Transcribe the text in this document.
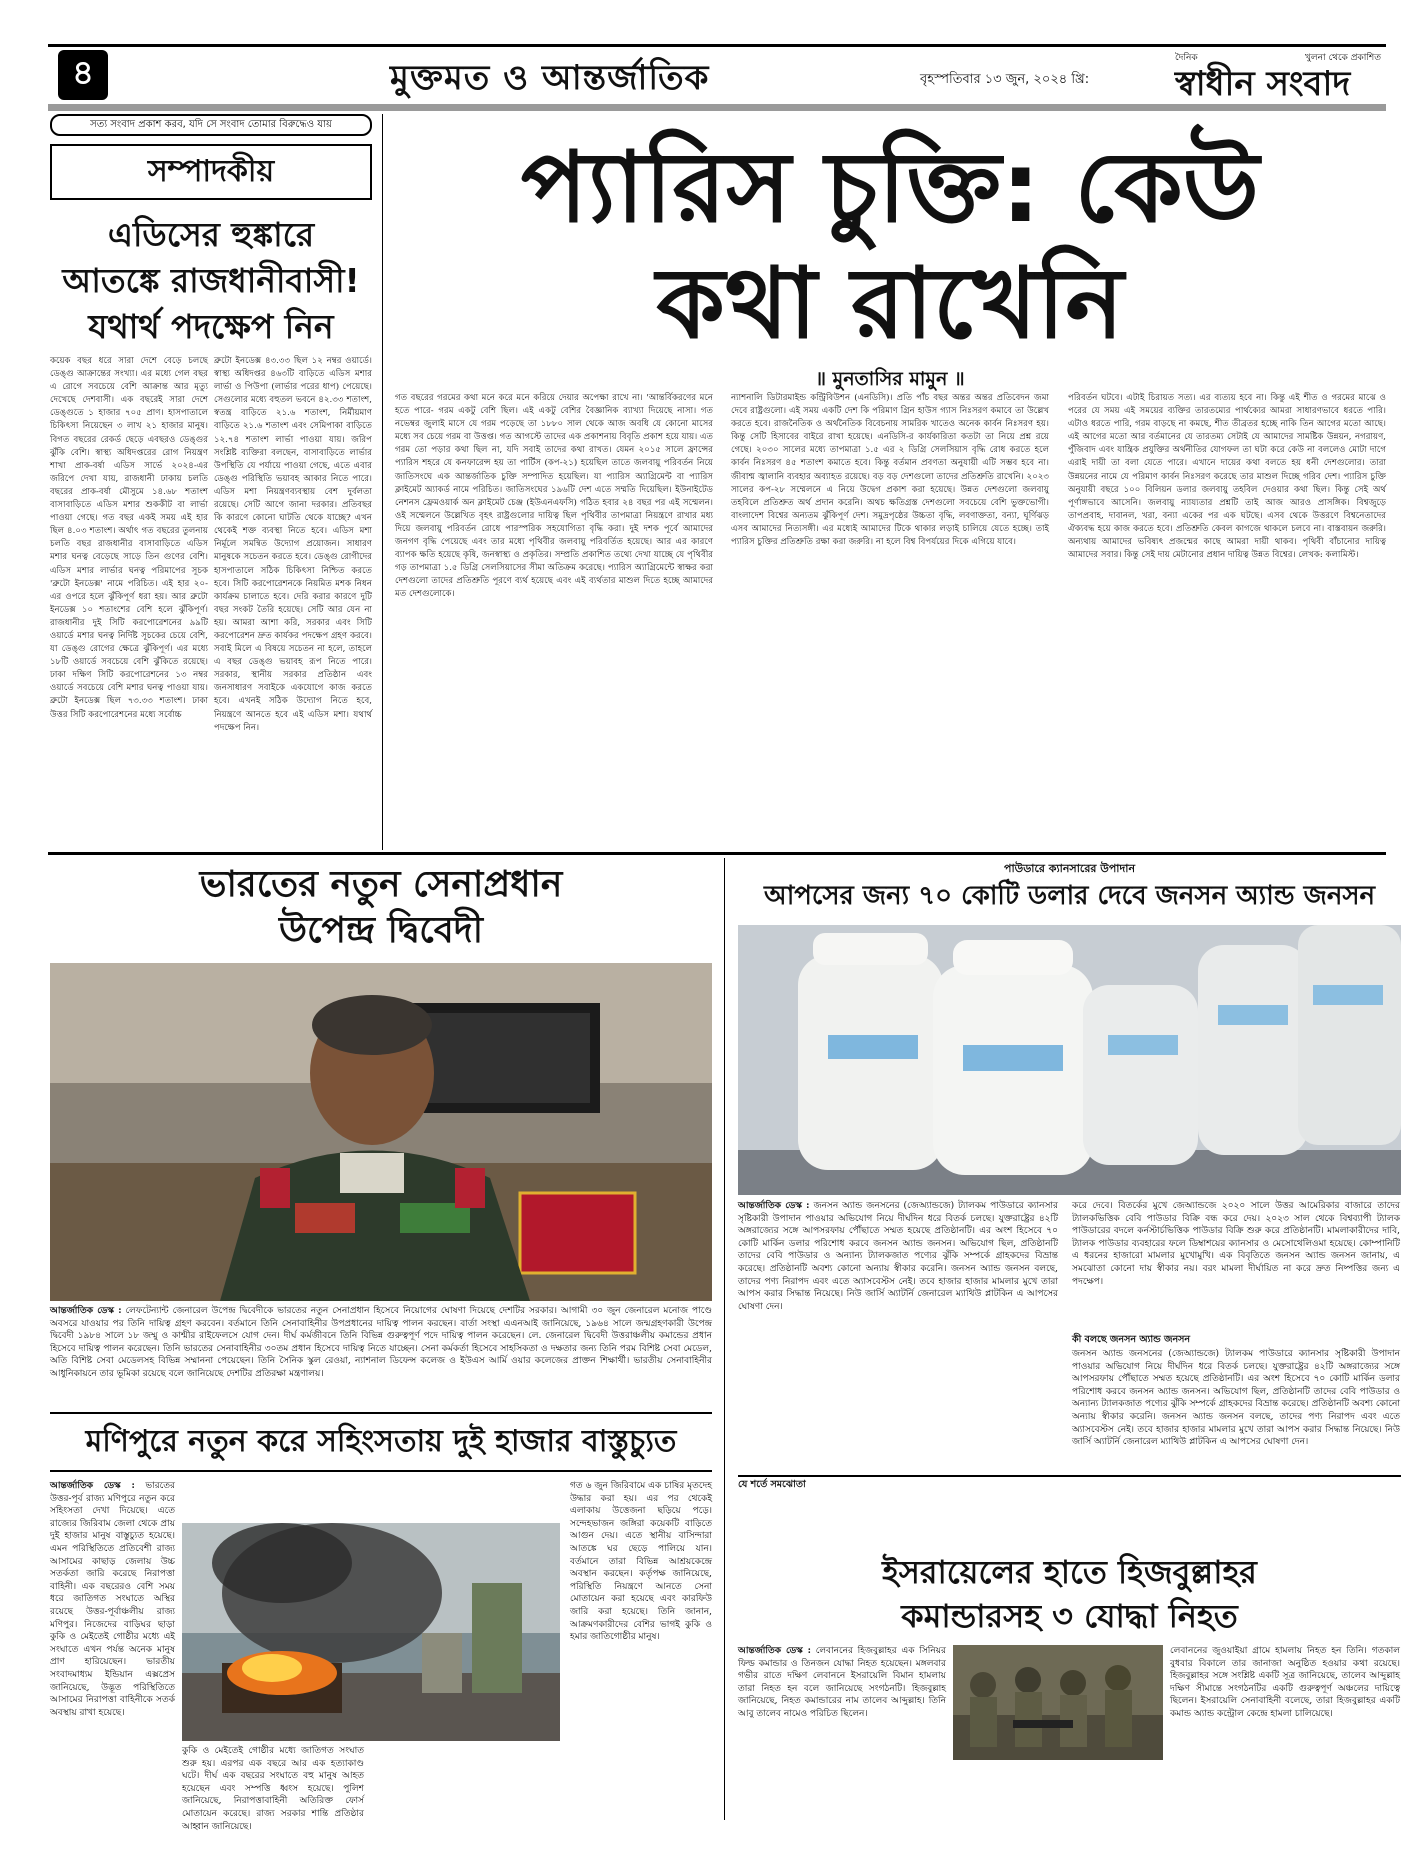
৪	মুক্তমত ও আন্তর্জাতিক	বৃহস্পতিবার ১৩ জুন, ২০২৪ খ্রি:
দৈনিক	খুলনা থেকে প্রকাশিত
স্বাধীন সংবাদ
সত্য সংবাদ প্রকাশ করব, যদি সে সংবাদ তোমার বিরুদ্ধেও যায়
সম্পাদকীয়
এডিসের হুঙ্কারে
আতঙ্কে রাজধানীবাসী!
যথার্থ পদক্ষেপ নিন
কয়েক বছর ধরে সারা দেশে বেড়ে চলছে ডেঙ্গু আক্রান্তের সংখ্যা। এর মধ্যে গেল বছর এ রোগে সবচেয়ে বেশি আক্রান্ত আর মৃত্যু দেখেছে দেশবাসী। এক বছরেই সারা দেশে ডেঙ্গুতে ১ হাজার ৭০৫ প্রাণ। হাসপাতালে চিকিৎসা নিয়েছেন ৩ লাখ ২১ হাজার মানুষ। বিগত বছরের রেকর্ড ছেড়ে এবছরও ডেঙ্গুর ঝুঁকি বেশি। স্বাস্থ্য অধিদপ্তরের রোগ নিয়ন্ত্রণ শাখা প্রাক-বর্ষা এডিস সার্ভে ২০২৪-এর জরিপে দেখা যায়, রাজধানী ঢাকায় চলতি বছরের প্রাক-বর্ষা মৌসুমে ১৪.৬৮ শতাংশ বাসাবাড়িতে এডিস মশার শুককীট বা লার্ভা পাওয়া গেছে। গত বছর একই সময় এই হার ছিল ৪.০৩ শতাংশ। অর্থাৎ গত বছরের তুলনায় চলতি বছর রাজধানীর বাসাবাড়িতে এডিস মশার ঘনত্ব বেড়েছে সাড়ে তিন গুণের বেশি। এডিস মশার লার্ভার ঘনত্ব পরিমাপের সূচক 'ব্রুটো ইনডেক্স' নামে পরিচিত। এই হার ২০-এর ওপরে হলে ঝুঁকিপূর্ণ ধরা হয়। আর ব্রুটো ইনডেক্স ১০ শতাংশের বেশি হলে ঝুঁকিপূর্ণ। রাজধানীর দুই সিটি করপোরেশনের ৯৯টি ওয়ার্ডে মশার ঘনত্ব নির্দিষ্ট সূচকের চেয়ে বেশি, যা ডেঙ্গু রোগের ক্ষেত্রে ঝুঁকিপূর্ণ। এর মধ্যে ১৮টি ওয়ার্ডে সবচেয়ে বেশি ঝুঁকিতে রয়েছে। ঢাকা দক্ষিণ সিটি করপোরেশনের ১৩ নম্বর ওয়ার্ডে সবচেয়ে বেশি মশার ঘনত্ব পাওয়া যায়। ব্রুটো ইনডেক্স ছিল ৭৩.৩৩ শতাংশ। ঢাকা উত্তর সিটি করপোরেশনের মধ্যে সর্বোচ্চ
ব্রুটো ইনডেক্স ৪৩.৩৩ ছিল ১২ নম্বর ওয়ার্ডে। স্বাস্থ্য অধিদপ্তর ৪৬৩টি বাড়িতে এডিস মশার লার্ভা ও পিউপা (লার্ভার পরের ধাপ) পেয়েছে। সেগুলোর মধ্যে বহুতল ভবনে ৪২.৩৩ শতাংশ, স্বতন্ত্র বাড়িতে ২১.৬ শতাংশ, নির্মীয়মাণ বাড়িতে ২১.৬ শতাংশ এবং সেমিপাকা বাড়িতে ১২.৭৪ শতাংশ লার্ভা পাওয়া যায়। জরিপ সংশ্লিষ্ট ব্যক্তিরা বলছেন, বাসাবাড়িতে লার্ভার উপস্থিতি যে পর্যায়ে পাওয়া গেছে, এতে এবার ডেঙ্গু পরিস্থিতি ভয়াবহ আকার নিতে পারে। এডিস মশা নিয়ন্ত্রণব্যবস্থায় বেশ দুর্বলতা রয়েছে। সেটি আগে জানা দরকার। প্রতিবছর কি কারণে কোনো ঘাটতি থেকে যাচ্ছে? এখন থেকেই শক্ত ব্যবস্থা নিতে হবে। এডিস মশা নির্মূলে সমন্বিত উদ্যোগ প্রয়োজন। সাধারণ মানুষকে সচেতন করতে হবে। ডেঙ্গু রোগীদের হাসপাতালে সঠিক চিকিৎসা নিশ্চিত করতে হবে। সিটি করপোরেশনকে নিয়মিত মশক নিধন কার্যক্রম চালাতে হবে। দেরি করার কারণে দুটি বছর সংকট তৈরি হয়েছে। সেটি আর যেন না হয়। আমরা আশা করি, সরকার এবং সিটি করপোরেশন দ্রুত কার্যকর পদক্ষেপ গ্রহণ করবে। সবাই মিলে এ বিষয়ে সচেতন না হলে, তাহলে এ বছর ডেঙ্গু ভয়াবহ রূপ নিতে পারে। সরকার, স্থানীয় সরকার প্রতিষ্ঠান এবং জনসাধারণ সবাইকে একযোগে কাজ করতে হবে। এখনই সঠিক উদ্যোগ নিতে হবে, নিয়ন্ত্রণে আনতে হবে এই এডিস মশা। যথার্থ পদক্ষেপ নিন।
প্যারিস চুক্তি: কেউ
কথা রাখেনি
॥ মুনতাসির মামুন ॥
গত বছরের গরমের কথা মনে করে মনে করিয়ে দেয়ার অপেক্ষা রাখে না। 'আন্তর্বিকরণের মনে হতে পারে- গরম একটু বেশি ছিল। এই একটু বেশির বৈজ্ঞানিক ব্যাখ্যা দিয়েছে নাসা। গত নভেম্বর জুলাই মাসে যে গরম পড়েছে তা ১৮৮০ সাল থেকে আজ অবধি যে কোনো মাসের মধ্যে সব চেয়ে গরম বা উত্তপ্ত। গত আগস্টে তাদের এক প্রকাশনায় বিবৃতি প্রকাশ হয়ে যায়। এত গরম তো পড়ার কথা ছিল না, যদি সবাই তাদের কথা রাখত। যেমন ২০১৫ সালে ফ্রান্সের প্যারিস শহরে যে কনফারেন্স হয় তা পার্টিস (কপ-২১) হয়েছিল তাতে জলবায়ু পরিবর্তন নিয়ে জাতিসংঘে এক আন্তর্জাতিক চুক্তি সম্পাদিত হয়েছিল। যা প্যারিস অ্যাগ্রিমেন্ট বা প্যারিস ক্লাইমেট অ্যাকর্ড নামে পরিচিত। জাতিসংঘের ১৯৬টি দেশ এতে সম্মতি দিয়েছিল। ইউনাইটেড নেশনস ফ্রেমওয়ার্ক অন ক্লাইমেট চেঞ্জ (ইউএনএফসি) গঠিত হবার ২৪ বছর পর এই সম্মেলন। ওই সম্মেলনে উল্লেখিত বৃহৎ রাষ্ট্রগুলোর দায়িত্ব ছিল পৃথিবীর তাপমাত্রা নিয়ন্ত্রণে রাখার মধ্য দিয়ে জলবায়ু পরিবর্তন রোধে পারস্পরিক সহযোগিতা বৃদ্ধি করা। দুই দশক পূর্বে আমাদের জনগণ বৃদ্ধি পেয়েছে এবং তার মধ্যে পৃথিবীর জলবায়ু পরিবর্তিত হয়েছে। আর এর কারণে ব্যাপক ক্ষতি হয়েছে কৃষি, জনস্বাস্থ্য ও প্রকৃতির। সম্প্রতি প্রকাশিত তথ্যে দেখা যাচ্ছে যে পৃথিবীর গড় তাপমাত্রা ১.৫ ডিগ্রি সেলসিয়াসের সীমা অতিক্রম করেছে। প্যারিস অ্যাগ্রিমেন্টে স্বাক্ষর করা দেশগুলো তাদের প্রতিশ্রুতি পূরণে ব্যর্থ হয়েছে এবং এই ব্যর্থতার মাশুল দিতে হচ্ছে আমাদের মত দেশগুলোকে।
ন্যাশনালি ডিটারমাইন্ড কন্ট্রিবিউশন (এনডিসি)। প্রতি পাঁচ বছর অন্তর অন্তর প্রতিবেদন জমা দেবে রাষ্ট্রগুলো। এই সময় একটি দেশ কি পরিমাণ গ্রিন হাউস গ্যাস নিঃসরণ কমাবে তা উল্লেখ করতে হবে। রাজনৈতিক ও অর্থনৈতিক বিবেচনায় সামরিক খাতেও অনেক কার্বন নিঃসরণ হয়। কিন্তু সেটি হিসাবের বাইরে রাখা হয়েছে। এনডিসি-র কার্যকারিতা কতটা তা নিয়ে প্রশ্ন রয়ে গেছে। ২০৩০ সালের মধ্যে তাপমাত্রা ১.৫ এর ২ ডিগ্রি সেলসিয়াস বৃদ্ধি রোধ করতে হলে কার্বন নিঃসরণ ৪৫ শতাংশ কমাতে হবে। কিন্তু বর্তমান প্রবণতা অনুযায়ী এটি সম্ভব হবে না। জীবাশ্ম জ্বালানি ব্যবহার অব্যাহত রয়েছে। বড় বড় দেশগুলো তাদের প্রতিশ্রুতি রাখেনি। ২০২৩ সালের কপ-২৮ সম্মেলনে এ নিয়ে উদ্বেগ প্রকাশ করা হয়েছে। উন্নত দেশগুলো জলবায়ু তহবিলে প্রতিশ্রুত অর্থ প্রদান করেনি। অথচ ক্ষতিগ্রস্ত দেশগুলো সবচেয়ে বেশি ভুক্তভোগী। বাংলাদেশ বিশ্বের অন্যতম ঝুঁকিপূর্ণ দেশ। সমুদ্রপৃষ্ঠের উচ্চতা বৃদ্ধি, লবণাক্ততা, বন্যা, ঘূর্ণিঝড় এসব আমাদের নিত্যসঙ্গী। এর মধ্যেই আমাদের টিকে থাকার লড়াই চালিয়ে যেতে হচ্ছে। তাই প্যারিস চুক্তির প্রতিশ্রুতি রক্ষা করা জরুরি। না হলে বিশ্ব বিপর্যয়ের দিকে এগিয়ে যাবে।
পরিবর্তন ঘটবে। এটাই চিরায়ত সত্য। এর ব্যত্যয় হবে না। কিন্তু এই শীত ও গরমের মাঝে ও পরের যে সময় এই সময়ের ব্যক্তির তারতম্যের পার্থক্যের আমরা সাধারণভাবে ধরতে পারি। এটাও ধরতে পারি, গরম বাড়ছে না কমছে, শীত তীব্রতর হচ্ছে নাকি তিন আগের মতো আছে। এই আগের মতো আর বর্তমানের যে তারতম্য সেটাই যে আমাদের সামষ্টিক উন্নয়ন, নগরায়ণ, পুঁজিবাদ এবং যান্ত্রিক প্রযুক্তির অর্থনীতির যোগফল তা ঘটা করে কেউ না বললেও মোটা দাগে এরাই দায়ী তা বলা যেতে পারে। এখানে দায়ের কথা বলতে হয় ধনী দেশগুলোর। তারা উন্নয়নের নামে যে পরিমাণ কার্বন নিঃসরণ করেছে তার মাশুল দিচ্ছে গরিব দেশ। প্যারিস চুক্তি অনুযায়ী বছরে ১০০ বিলিয়ন ডলার জলবায়ু তহবিল দেওয়ার কথা ছিল। কিন্তু সেই অর্থ পূর্ণাঙ্গভাবে আসেনি। জলবায়ু ন্যায্যতার প্রশ্নটি তাই আজ আরও প্রাসঙ্গিক। বিশ্বজুড়ে তাপপ্রবাহ, দাবানল, খরা, বন্যা একের পর এক ঘটছে। এসব থেকে উত্তরণে বিশ্বনেতাদের ঐক্যবদ্ধ হয়ে কাজ করতে হবে। প্রতিশ্রুতি কেবল কাগজে থাকলে চলবে না। বাস্তবায়ন জরুরি। অন্যথায় আমাদের ভবিষ্যৎ প্রজন্মের কাছে আমরা দায়ী থাকব। পৃথিবী বাঁচানোর দায়িত্ব আমাদের সবার। কিন্তু সেই দায় মেটানোর প্রধান দায়িত্ব উন্নত বিশ্বের। লেখক: কলামিস্ট।
ভারতের নতুন সেনাপ্রধান
উপেন্দ্র দ্বিবেদী
আন্তর্জাতিক ডেস্ক : লেফটেন্যান্ট জেনারেল উপেন্দ্র দ্বিবেদীকে ভারতের নতুন সেনাপ্রধান হিসেবে নিয়োগের ঘোষণা দিয়েছে দেশটির সরকার। আগামী ৩০ জুন জেনারেল মনোজ পাণ্ডে অবসরে যাওয়ার পর তিনি দায়িত্ব গ্রহণ করবেন। বর্তমানে তিনি সেনাবাহিনীর উপপ্রধানের দায়িত্ব পালন করছেন। বার্তা সংস্থা এএনআই জানিয়েছে, ১৯৬৪ সালে জন্মগ্রহণকারী উপেন্দ্র দ্বিবেদী ১৯৮৪ সালে ১৮ জম্মু ও কাশ্মীর রাইফেলসে যোগ দেন। দীর্ঘ কর্মজীবনে তিনি বিভিন্ন গুরুত্বপূর্ণ পদে দায়িত্ব পালন করেছেন। লে. জেনারেল দ্বিবেদী উত্তরাঞ্চলীয় কমান্ডের প্রধান হিসেবে দায়িত্ব পালন করেছেন। তিনি ভারতের সেনাবাহিনীর ৩০তম প্রধান হিসেবে দায়িত্ব নিতে যাচ্ছেন। সেনা কর্মকর্তা হিসেবে সাহসিকতা ও দক্ষতার জন্য তিনি পরম বিশিষ্ট সেবা মেডেল, অতি বিশিষ্ট সেবা মেডেলসহ বিভিন্ন সম্মাননা পেয়েছেন। তিনি সৈনিক স্কুল রেওয়া, ন্যাশনাল ডিফেন্স কলেজ ও ইউএস আর্মি ওয়ার কলেজের প্রাক্তন শিক্ষার্থী। ভারতীয় সেনাবাহিনীর আধুনিকায়নে তার ভূমিকা রয়েছে বলে জানিয়েছে দেশটির প্রতিরক্ষা মন্ত্রণালয়।
মণিপুরে নতুন করে সহিংসতায় দুই হাজার বাস্তুচ্যুত
আন্তর্জাতিক ডেস্ক : ভারতের উত্তর-পূর্ব রাজ্য মণিপুরে নতুন করে সহিংসতা দেখা দিয়েছে। এতে রাজ্যের জিরিবাম জেলা থেকে প্রায় দুই হাজার মানুষ বাস্তুচ্যুত হয়েছে। এমন পরিস্থিতিতে প্রতিবেশী রাজ্য আসামের কাছাড় জেলায় উচ্চ সতর্কতা জারি করেছে নিরাপত্তা বাহিনী। এক বছরেরও বেশি সময় ধরে জাতিগত সংঘাতে অস্থির রয়েছে উত্তর-পূর্বাঞ্চলীয় রাজ্য মণিপুর। নিজেদের বাড়িঘর ছাড়া কুকি ও মেইতেই গোষ্ঠীর মধ্যে এই সংঘাতে এখন পর্যন্ত অনেক মানুষ প্রাণ হারিয়েছেন। ভারতীয় সংবাদমাধ্যম ইন্ডিয়ান এক্সপ্রেস জানিয়েছে, উদ্ভূত পরিস্থিতিতে আসামের নিরাপত্তা বাহিনীকে সতর্ক অবস্থায় রাখা হয়েছে।
কুকি ও মেইতেই গোষ্ঠীর মধ্যে জাতিগত সংঘাত শুরু হয়। এরপর এক বছরে আর এক হত্যাকাণ্ড ঘটে। দীর্ঘ এক বছরের সংঘাতে বহু মানুষ আহত হয়েছেন এবং সম্পত্তি ধ্বংস হয়েছে। পুলিশ জানিয়েছে, নিরাপত্তাবাহিনী অতিরিক্ত ফোর্স মোতায়েন করেছে। রাজ্য সরকার শান্তি প্রতিষ্ঠার আহ্বান জানিয়েছে।
গত ৬ জুন জিরিবামে এক চাষির মৃতদেহ উদ্ধার করা হয়। এর পর থেকেই এলাকায় উত্তেজনা ছড়িয়ে পড়ে। সন্দেহভাজন জঙ্গিরা কয়েকটি বাড়িতে আগুন দেয়। এতে স্থানীয় বাসিন্দারা আতঙ্কে ঘর ছেড়ে পালিয়ে যান। বর্তমানে তারা বিভিন্ন আশ্রয়কেন্দ্রে অবস্থান করছেন। কর্তৃপক্ষ জানিয়েছে, পরিস্থিতি নিয়ন্ত্রণে আনতে সেনা মোতায়েন করা হয়েছে এবং কারফিউ জারি করা হয়েছে। তিনি জানান, আক্রমণকারীদের বেশির ভাগই কুকি ও হমার জাতিগোষ্ঠীর মানুষ।
পাউডারে ক্যানসারের উপাদান
আপসের জন্য ৭০ কোটি ডলার দেবে জনসন অ্যান্ড জনসন
আন্তর্জাতিক ডেস্ক : জনসন অ্যান্ড জনসনের (জেঅ্যান্ডজে) ট্যালকম পাউডারে ক্যানসার সৃষ্টিকারী উপাদান পাওয়ার অভিযোগ নিয়ে দীর্ঘদিন ধরে বিতর্ক চলছে। যুক্তরাষ্ট্রের ৪২টি অঙ্গরাজ্যের সঙ্গে আপসরফায় পৌঁছাতে সম্মত হয়েছে প্রতিষ্ঠানটি। এর অংশ হিসেবে ৭০ কোটি মার্কিন ডলার পরিশোধ করবে জনসন অ্যান্ড জনসন। অভিযোগ ছিল, প্রতিষ্ঠানটি তাদের বেবি পাউডার ও অন্যান্য ট্যালকজাত পণ্যের ঝুঁকি সম্পর্কে গ্রাহকদের বিভ্রান্ত করেছে। প্রতিষ্ঠানটি অবশ্য কোনো অন্যায় স্বীকার করেনি। জনসন অ্যান্ড জনসন বলছে, তাদের পণ্য নিরাপদ এবং এতে অ্যাসবেস্টস নেই। তবে হাজার হাজার মামলার মুখে তারা আপস করার সিদ্ধান্ত নিয়েছে। নিউ জার্সি অ্যাটর্নি জেনারেল ম্যাথিউ প্লাটকিন এ আপসের ঘোষণা দেন।
করে দেবে। বিতর্কের মুখে জেঅ্যান্ডজে ২০২০ সালে উত্তর আমেরিকার বাজারে তাদের ট্যালকভিত্তিক বেবি পাউডার বিক্রি বন্ধ করে দেয়। ২০২৩ সাল থেকে বিশ্বব্যাপী ট্যালক পাউডারের বদলে কর্নস্টার্চভিত্তিক পাউডার বিক্রি শুরু করে প্রতিষ্ঠানটি। মামলাকারীদের দাবি, ট্যালক পাউডার ব্যবহারের ফলে ডিম্বাশয়ের ক্যানসার ও মেসোথেলিওমা হয়েছে। কোম্পানিটি এ ধরনের হাজারো মামলার মুখোমুখি। এক বিবৃতিতে জনসন অ্যান্ড জনসন জানায়, এ সমঝোতা কোনো দায় স্বীকার নয়। বরং মামলা দীর্ঘায়িত না করে দ্রুত নিষ্পত্তির জন্য এ পদক্ষেপ।
কী বলছে জনসন অ্যান্ড জনসন
জনসন অ্যান্ড জনসনের (জেঅ্যান্ডজে) ট্যালকম পাউডারে ক্যানসার সৃষ্টিকারী উপাদান পাওয়ার অভিযোগ নিয়ে দীর্ঘদিন ধরে বিতর্ক চলছে। যুক্তরাষ্ট্রের ৪২টি অঙ্গরাজ্যের সঙ্গে আপসরফায় পৌঁছাতে সম্মত হয়েছে প্রতিষ্ঠানটি। এর অংশ হিসেবে ৭০ কোটি মার্কিন ডলার পরিশোধ করবে জনসন অ্যান্ড জনসন। অভিযোগ ছিল, প্রতিষ্ঠানটি তাদের বেবি পাউডার ও অন্যান্য ট্যালকজাত পণ্যের ঝুঁকি সম্পর্কে গ্রাহকদের বিভ্রান্ত করেছে। প্রতিষ্ঠানটি অবশ্য কোনো অন্যায় স্বীকার করেনি। জনসন অ্যান্ড জনসন বলছে, তাদের পণ্য নিরাপদ এবং এতে অ্যাসবেস্টস নেই। তবে হাজার হাজার মামলার মুখে তারা আপস করার সিদ্ধান্ত নিয়েছে। নিউ জার্সি অ্যাটর্নি জেনারেল ম্যাথিউ প্লাটকিন এ আপসের ঘোষণা দেন।
যে শর্তে সমঝোতা
ইসরায়েলের হাতে হিজবুল্লাহর
কমান্ডারসহ ৩ যোদ্ধা নিহত
আন্তর্জাতিক ডেস্ক : লেবাননের হিজবুল্লাহর এক সিনিয়র ফিল্ড কমান্ডার ও তিনজন যোদ্ধা নিহত হয়েছেন। মঙ্গলবার গভীর রাতে দক্ষিণ লেবাননে ইসরায়েলি বিমান হামলায় তারা নিহত হন বলে জানিয়েছে সংগঠনটি। হিজবুল্লাহ জানিয়েছে, নিহত কমান্ডারের নাম তালেব আব্দুল্লাহ। তিনি আবু তালেব নামেও পরিচিত ছিলেন।
লেবাননের জুওয়াইয়া গ্রামে হামলায় নিহত হন তিনি। গতকাল বুধবার বিকালে তার জানাজা অনুষ্ঠিত হওয়ার কথা রয়েছে। হিজবুল্লাহর সঙ্গে সংশ্লিষ্ট একটি সূত্র জানিয়েছে, তালেব আব্দুল্লাহ দক্ষিণ সীমান্তে সংগঠনটির একটি গুরুত্বপূর্ণ অঞ্চলের দায়িত্বে ছিলেন। ইসরায়েলি সেনাবাহিনী বলেছে, তারা হিজবুল্লাহর একটি কমান্ড অ্যান্ড কন্ট্রোল কেন্দ্রে হামলা চালিয়েছে।
